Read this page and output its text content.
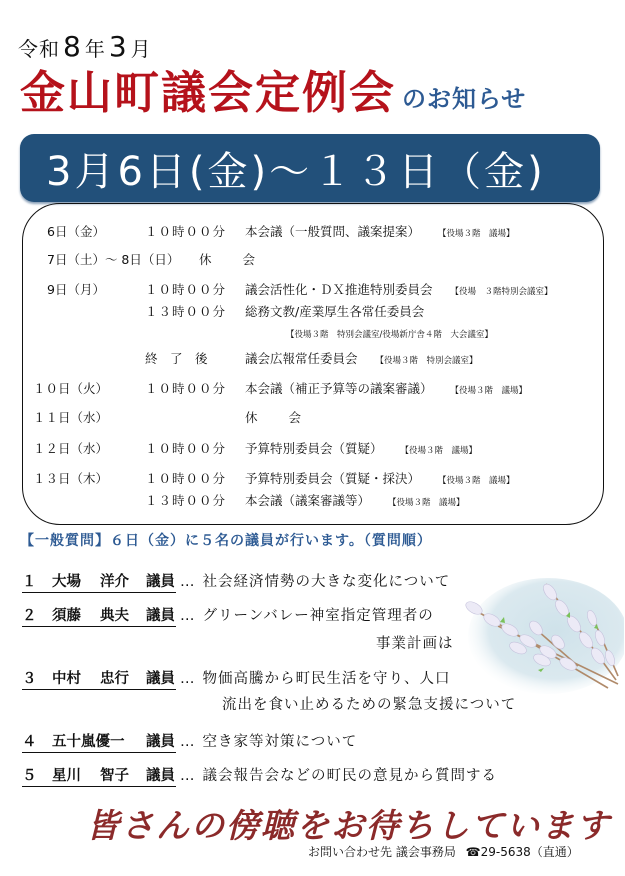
令和 8 年 3 月
金山町議会定例会 のお知らせ
3月6日(金)～１３日（金)
6日（金）	１０時００分	本会議（一般質問、議案提案） 【役場３階　議場】
7日（土）～ 8日（日）	休　　会
9日（月）	１０時００分	議会活性化・ＤＸ推進特別委員会 【役場　３階特別会議室】
１３時００分	総務文教/産業厚生各常任委員会
【役場３階　特別会議室/役場新庁舎４階　大会議室】
終　了　後	議会広報常任委員会 【役場３階　特別会議室】
１０日（火）	１０時００分	本会議（補正予算等の議案審議） 【役場３階　議場】
１１日（水）	休　　会
１２日（水）	１０時００分	予算特別委員会（質疑） 【役場３階　議場】
１３日（木）	１０時００分	予算特別委員会（質疑・採決） 【役場３階　議場】
１３時００分	本会議（議案審議等） 【役場３階　議場】
【一般質問】６日（金）に５名の議員が行います。（質問順）
１	大場	洋介	議員 … 社会経済情勢の大きな変化について
２	須藤	典夫	議員 … グリーンバレー神室指定管理者の
事業計画は
３	中村	忠行	議員 … 物価高騰から町民生活を守り、人口
流出を食い止めるための緊急支援について
４	五十嵐優一	議員 … 空き家等対策について
５	星川	智子	議員 … 議会報告会などの町民の意見から質問する
皆さんの傍聴をお待ちしています
お問い合わせ先 議会事務局 ☎29-5638（直通）
